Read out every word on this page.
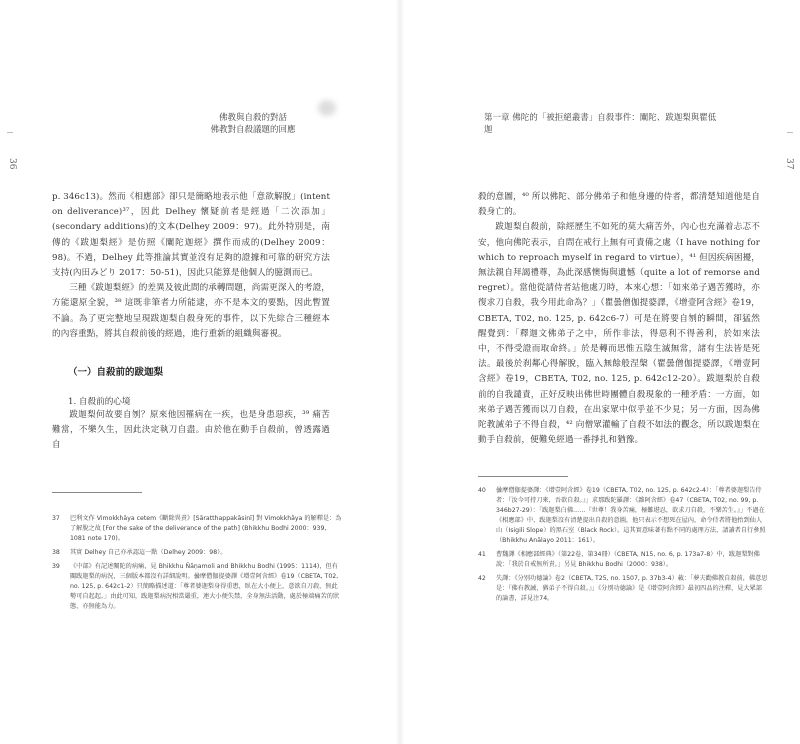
佛教與自殺的對話
佛教對自殺議題的回應
36

p. 346c13)。然而《相應部》卻只是簡略地表示他「意欲解脫」(intent on deliverance)³⁷，因此 Delhey 懷疑前者是經過「二次添加」(secondary additions)的文本(Delhey 2009：97)。此外特別是，南傳的《跋迦梨經》是仿照《闡陀迦經》撰作而成的(Delhey 2009：98)。不過，Delhey 此等推論其實並沒有足夠的證據和可靠的研究方法支持(內田みどり 2017：50-51)，因此只能算是他個人的臆測而已。

三種《跋迦梨經》的差異及彼此間的承轉問題，尚需更深入的考證，方能還原全貌，³⁸ 這既非筆者力所能逮，亦不是本文的要點，因此暫置不論。為了更完整地呈現跋迦梨自殺身死的事件，以下先綜合三種經本的內容重點，將其自殺前後的經過，進行重新的組織與審視。

（一）自殺前的跋迦梨
1. 自殺前的心境

跋迦梨何故要自刎？原來他因罹病在一疾，也是身患惡疾，³⁹ 痛苦難當，不樂久生，因此決定執刀自盡。由於他在動手自殺前，曾透露過自

37	巴利文作 Vimokkhāya cetem《斷除異責》[Sāratthappakāsinī] 對 Vimokkhāya 的解釋是：為了解脫之故 [For the sake of the deliverance of the path] (Bhikkhu Bodhi 2000：939, 1081 note 170)。
38	其實 Delhey 自己亦承認這一點（Delhey 2009：98）。
39	《中部》有記述闡陀的病痛，見 Bhikkhu Ñāṇamoli and Bhikkhu Bodhi (1995：1114)，但有關跋迦梨的病況，三個版本都沒有詳細說明。曇摩僧伽提婆譯《增壹阿含經》卷19（CBETA, T02, no. 125, p. 642c1-2）只簡略描述道：「尊者婆迦梨身得重患，臥在大小便上，意欲自刀殺，無此勢可自起起。」由此可知，跋迦梨病況相當嚴重，連大小便失禁，全身無法活動，處於極端痛苦的狀態，亦無能為力。
第一章 佛陀的「被拒絕叢書」自殺事件：闡陀、跋迦梨與瞿低迦
37

殺的意圖，⁴⁰ 所以佛陀、部分佛弟子和他身邊的侍者，都清楚知道他是自殺身亡的。

跋迦梨自殺前，除經歷生不如死的莫大痛苦外，內心也充滿着忐忑不安，他向佛陀表示，自問在戒行上無有可責備之處（I have nothing for which to reproach myself in regard to virtue），⁴¹ 但因疾病困擾，無法親自拜謁禮尊，為此深感懊悔與遺憾（quite a lot of remorse and regret）。當他從請侍者站他處刀時，本來心想：「如來弟子遇苦獲時，亦復求刀自殺，我今用此命為？」（瞿曇僧伽提婆譯，《增壹阿含經》卷19，CBETA, T02, no. 125, p. 642c6-7）可是在將要自刎的瞬間，卻猛然醒覺到：「釋迦文佛弟子之中，所作非法，得惡利不得善利，於如來法中，不得受證而取命終。」於是轉而思惟五陰生滅無常，諸有生法皆是死法。最後於刹鄰心得解脫，臨入無餘般涅槃（瞿曇僧伽提婆譯，《增壹阿含經》卷19，CBETA, T02, no. 125, p. 642c12-20）。跋迦梨於自殺前的自我譴責，正好反映出佛世時團體自殺現象的一種矛盾：一方面，如來弟子遇苦獲而以刀自殺，在出家眾中似乎並不少見；另一方面，因為佛陀教誡弟子不得自殺，⁴² 向僧眾灌輸了自殺不如法的觀念，所以跋迦梨在動手自殺前，便難免經過一番掙扎和猶豫。

40	曇摩僧伽提婆譯：《增壹阿含經》卷19（CBETA, T02, no. 125, p. 642c2-4）：「尊者婆迦梨告侍者：『汝今可持刀來，吾欲自殺。』」求那跋陀羅譯：《雜阿含經》卷47（CBETA, T02, no. 99, p. 346b27-29）：「跋迦梨白佛……『世尊！我身苦痛，極難堪忍，欲求刀自殺，不樂苦生。』」不過在《相應部》中，跋迦梨沒有清楚提出自殺的意圖，他只表示不想死在屋內，命令侍者將他抬到仙人山（Isigili Slope）的黑石室（Black Rock）。這其實意味著有點不同的處理方法，請讀者自行參照（Bhikkhu Anālayo 2011：161）。
41	曹魏譯《相應部經典》（第22卷，第34冊）（CBETA, N15, no. 6, p. 173a7-8）中，跋迦梨對佛說：「我於自戒無所責。」另見 Bhikkhu Bodhi（2000：938）。
42	失譯：《分別功德論》卷2（CBETA, T25, no. 1507, p. 37b3-4）載：「夢夫勸佛教自殺前，佛意思是：『佛有教誡，猶弟子不得自殺。』」《分別功德論》是《增壹阿含經》最初四品的注釋，見大眾部的論書，詳見注74。
